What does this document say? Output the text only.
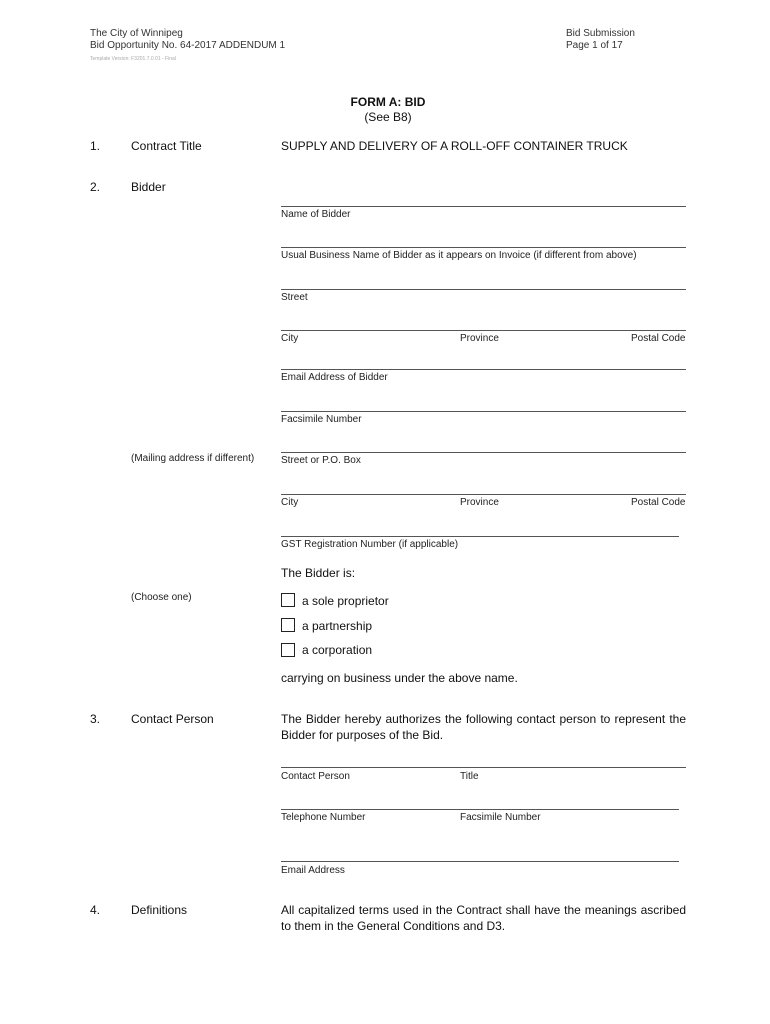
The City of Winnipeg
Bid Opportunity No. 64-2017 ADDENDUM 1
Template Version: F3201.7.0.01 - Final
Bid Submission
Page 1 of 17
FORM A: BID
(See B8)
1.	Contract Title	SUPPLY AND DELIVERY OF A ROLL-OFF CONTAINER TRUCK
2.	Bidder
Name of Bidder
Usual Business Name of Bidder as it appears on Invoice (if different from above)
Street
City	Province	Postal Code
Email Address of Bidder
Facsimile Number
(Mailing address if different)	Street or P.O. Box
City	Province	Postal Code
GST Registration Number (if applicable)
The Bidder is:
(Choose one)	a sole proprietor
a partnership
a corporation
carrying on business under the above name.
3.	Contact Person	The Bidder hereby authorizes the following contact person to represent the Bidder for purposes of the Bid.
Contact Person	Title
Telephone Number	Facsimile Number
Email Address
4.	Definitions	All capitalized terms used in the Contract shall have the meanings ascribed to them in the General Conditions and D3.
